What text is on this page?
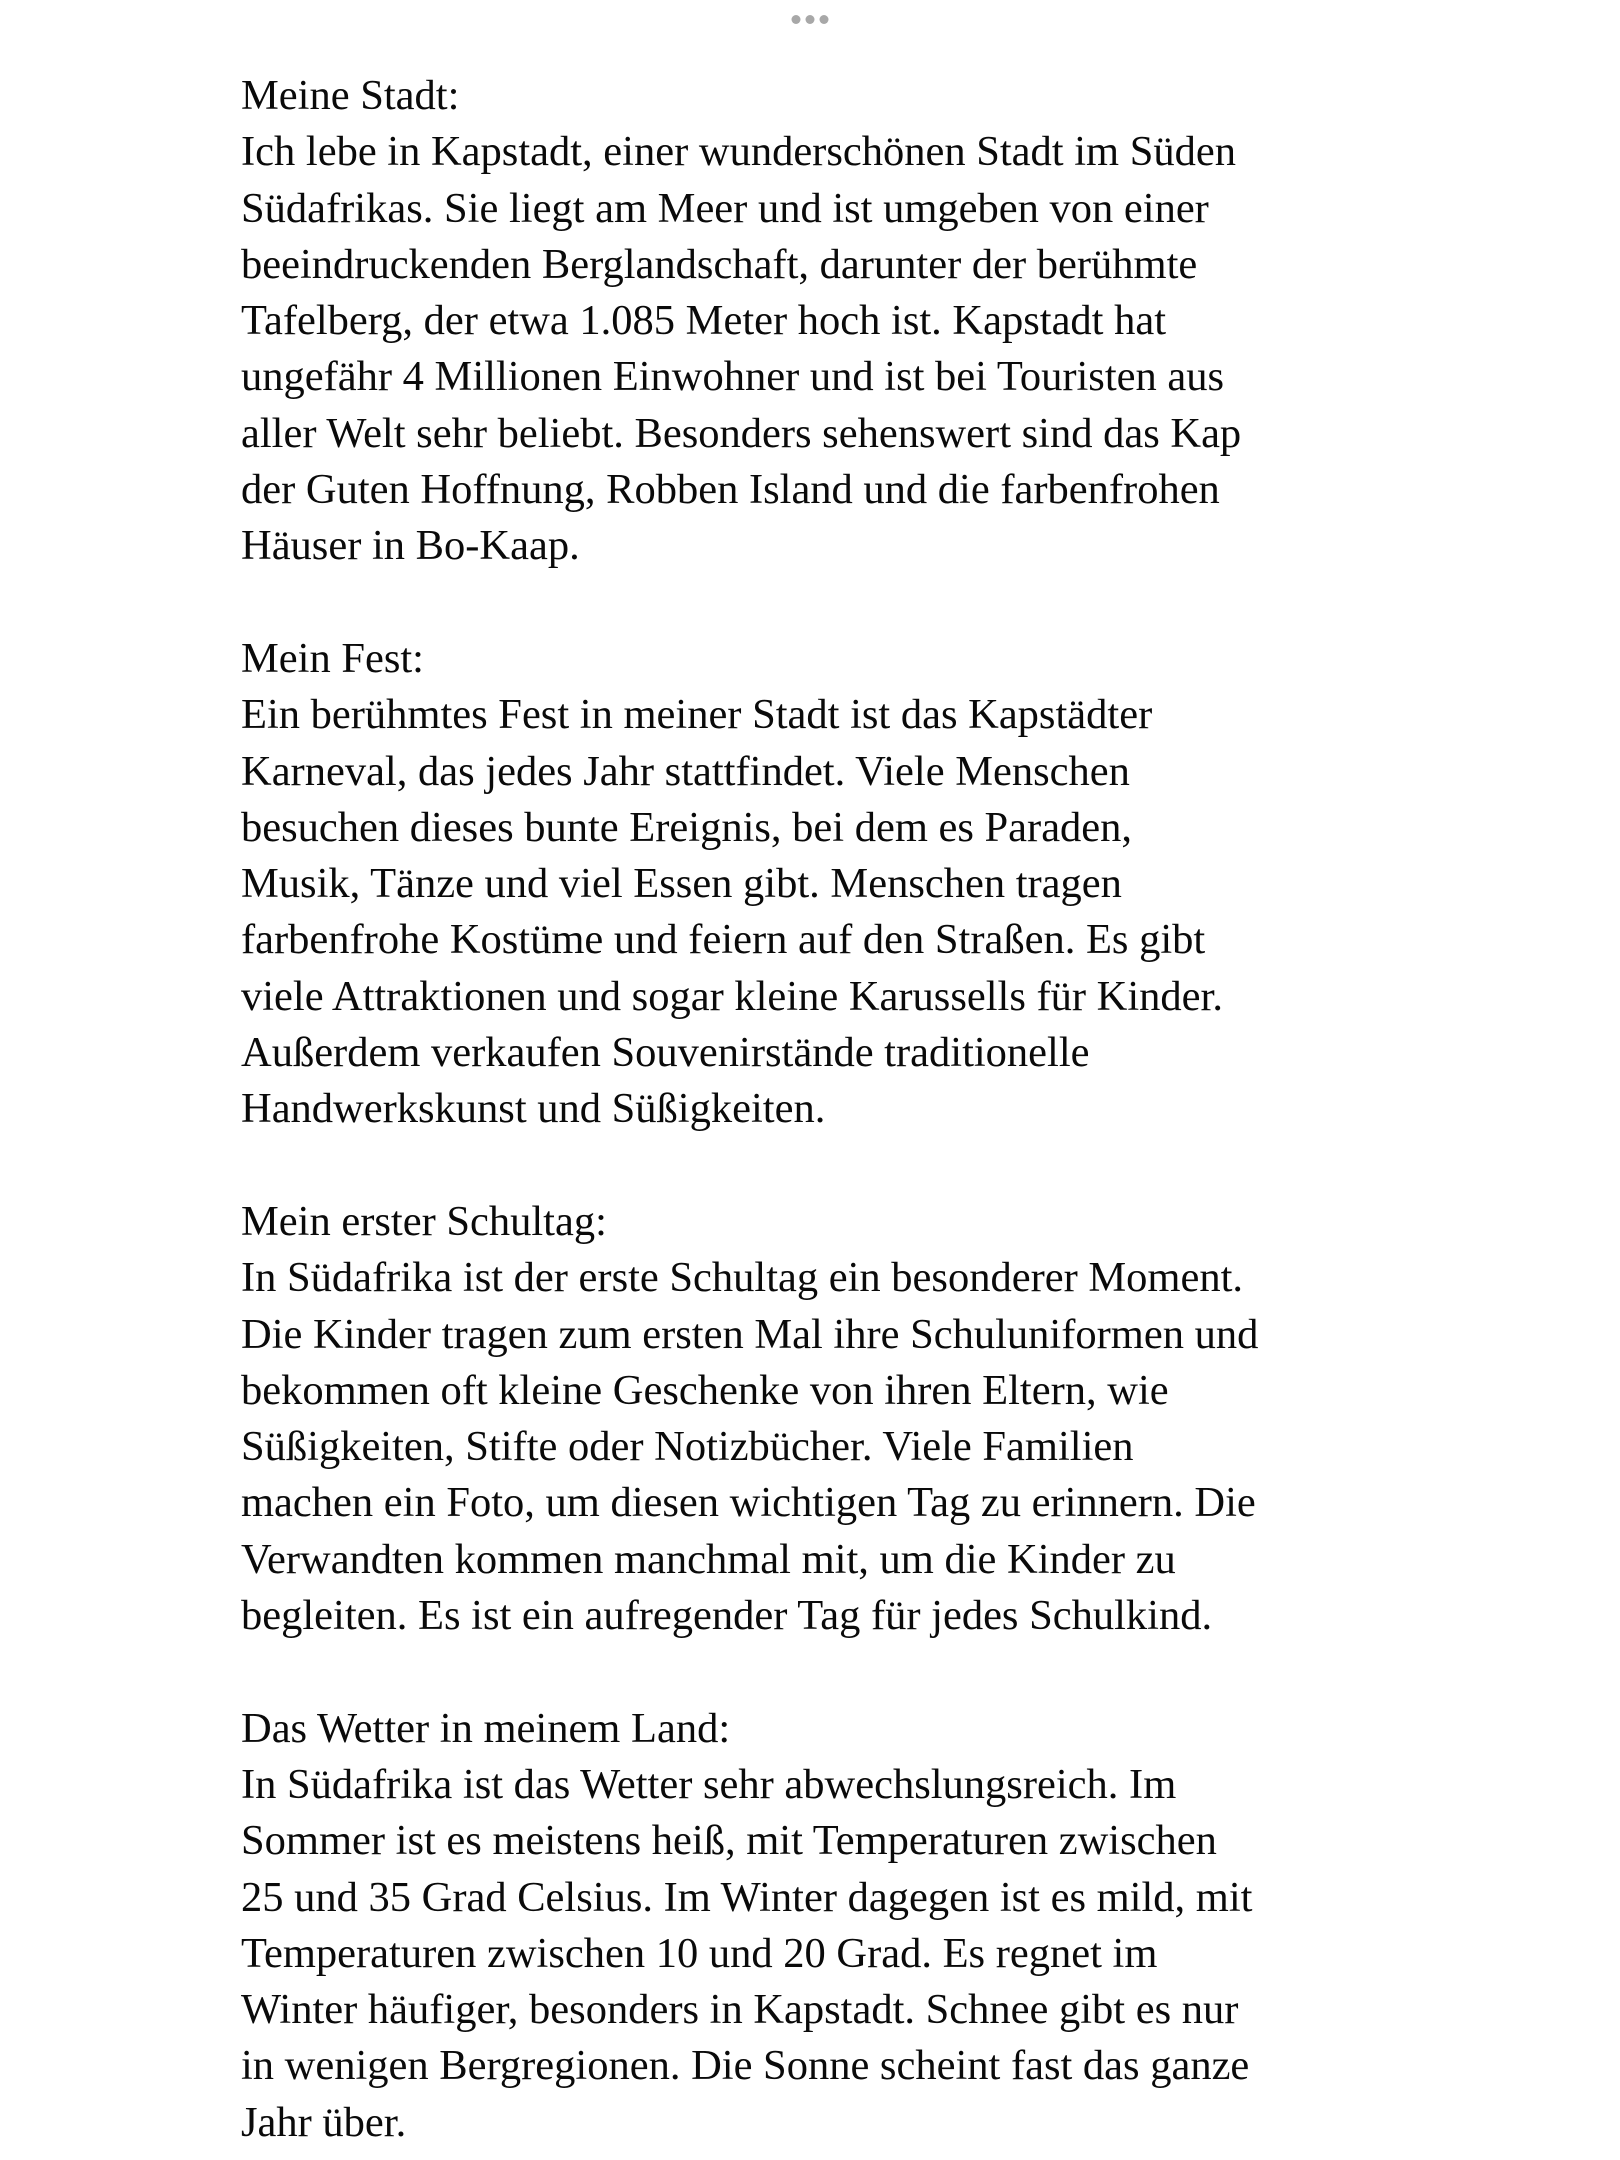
Meine Stadt:
Ich lebe in Kapstadt, einer wunderschönen Stadt im Süden
Südafrikas. Sie liegt am Meer und ist umgeben von einer
beeindruckenden Berglandschaft, darunter der berühmte
Tafelberg, der etwa 1.085 Meter hoch ist. Kapstadt hat
ungefähr 4 Millionen Einwohner und ist bei Touristen aus
aller Welt sehr beliebt. Besonders sehenswert sind das Kap
der Guten Hoffnung, Robben Island und die farbenfrohen
Häuser in Bo-Kaap.
Mein Fest:
Ein berühmtes Fest in meiner Stadt ist das Kapstädter
Karneval, das jedes Jahr stattfindet. Viele Menschen
besuchen dieses bunte Ereignis, bei dem es Paraden,
Musik, Tänze und viel Essen gibt. Menschen tragen
farbenfrohe Kostüme und feiern auf den Straßen. Es gibt
viele Attraktionen und sogar kleine Karussells für Kinder.
Außerdem verkaufen Souvenirstände traditionelle
Handwerkskunst und Süßigkeiten.
Mein erster Schultag:
In Südafrika ist der erste Schultag ein besonderer Moment.
Die Kinder tragen zum ersten Mal ihre Schuluniformen und
bekommen oft kleine Geschenke von ihren Eltern, wie
Süßigkeiten, Stifte oder Notizbücher. Viele Familien
machen ein Foto, um diesen wichtigen Tag zu erinnern. Die
Verwandten kommen manchmal mit, um die Kinder zu
begleiten. Es ist ein aufregender Tag für jedes Schulkind.
Das Wetter in meinem Land:
In Südafrika ist das Wetter sehr abwechslungsreich. Im
Sommer ist es meistens heiß, mit Temperaturen zwischen
25 und 35 Grad Celsius. Im Winter dagegen ist es mild, mit
Temperaturen zwischen 10 und 20 Grad. Es regnet im
Winter häufiger, besonders in Kapstadt. Schnee gibt es nur
in wenigen Bergregionen. Die Sonne scheint fast das ganze
Jahr über.
